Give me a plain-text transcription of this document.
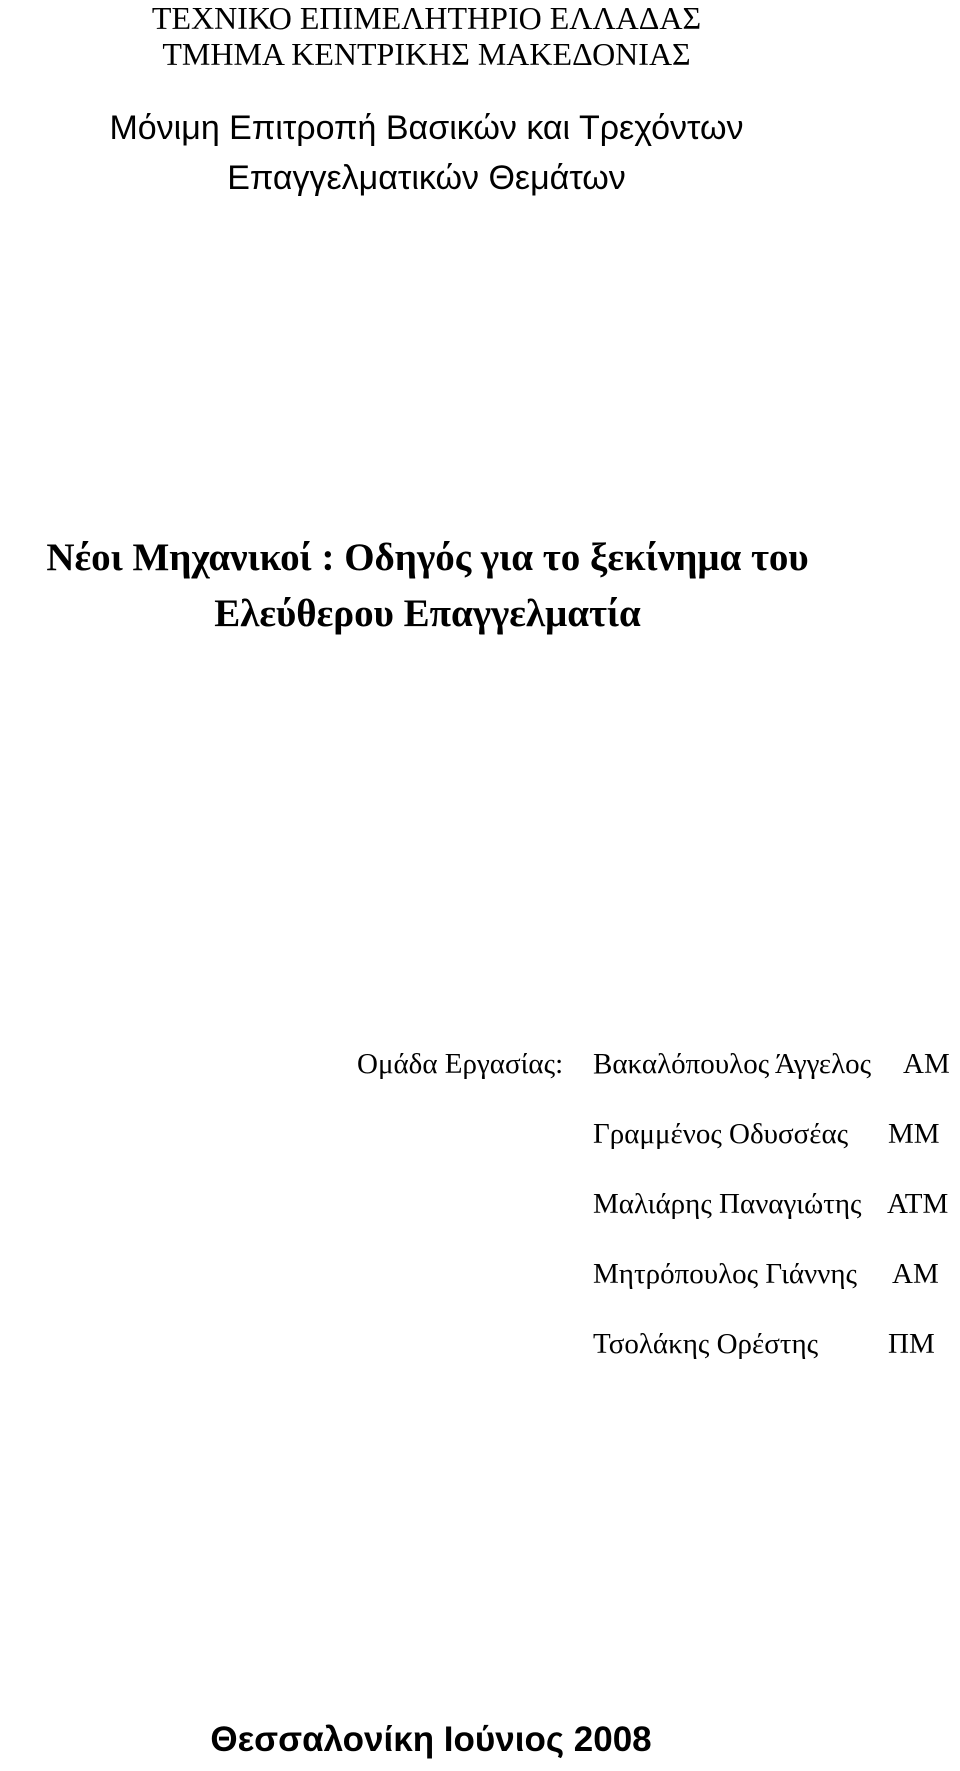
ΤΕΧΝΙΚΟ ΕΠΙΜΕΛΗΤΗΡΙΟ ΕΛΛΑΔΑΣ
ΤΜΗΜΑ ΚΕΝΤΡΙΚΗΣ ΜΑΚΕΔΟΝΙΑΣ
Μόνιμη Επιτροπή Βασικών και Τρεχόντων
Επαγγελματικών Θεμάτων
Νέοι Μηχανικοί : Οδηγός για το ξεκίνημα του
Ελεύθερου Επαγγελματία
Ομάδα Εργασίας: Βακαλόπουλος Άγγελος ΑΜ
Γραμμένος Οδυσσέας ΜΜ
Μαλιάρης Παναγιώτης ΑΤΜ
Μητρόπουλος Γιάννης ΑΜ
Τσολάκης Ορέστης ΠΜ
Θεσσαλονίκη Ιούνιος 2008
